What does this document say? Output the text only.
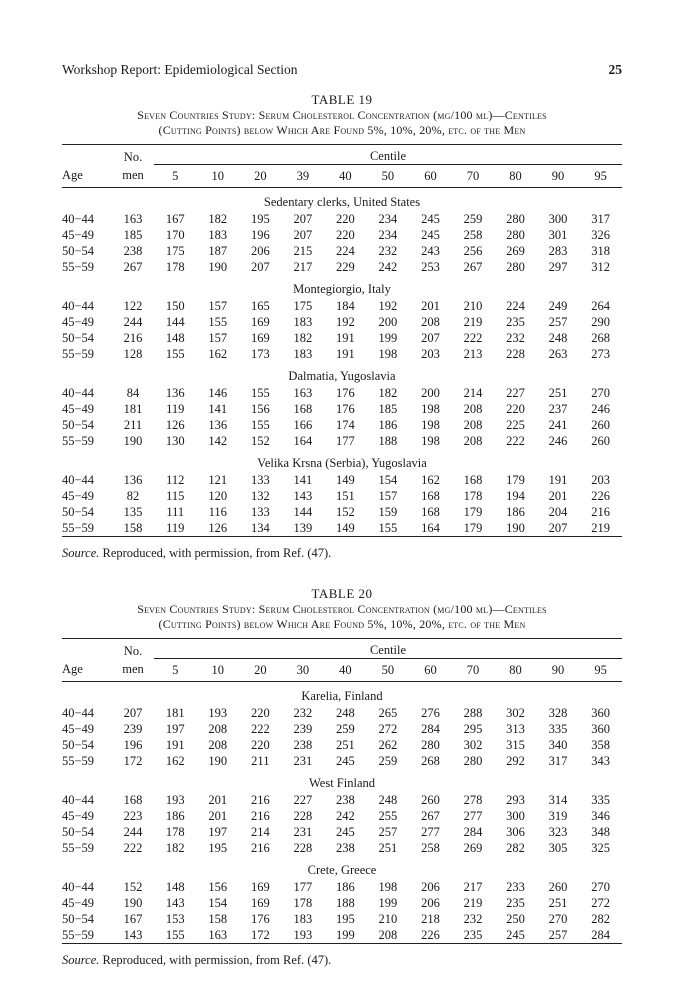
Workshop Report: Epidemiological Section	25
TABLE 19
Seven Countries Study: Serum Cholesterol Concentration (mg/100 ml)—Centiles
(Cutting Points) below Which Are Found 5%, 10%, 20%, etc. of the Men
	No.	Centile										
Age	men	5	10	20	39	40	50	60	70	80	90	95
Sedentary clerks, United States												
40−44	163	167	182	195	207	220	234	245	259	280	300	317
45−49	185	170	183	196	207	220	234	245	258	280	301	326
50−54	238	175	187	206	215	224	232	243	256	269	283	318
55−59	267	178	190	207	217	229	242	253	267	280	297	312
Montegiorgio, Italy												
40−44	122	150	157	165	175	184	192	201	210	224	249	264
45−49	244	144	155	169	183	192	200	208	219	235	257	290
50−54	216	148	157	169	182	191	199	207	222	232	248	268
55−59	128	155	162	173	183	191	198	203	213	228	263	273
Dalmatia, Yugoslavia												
40−44	84	136	146	155	163	176	182	200	214	227	251	270
45−49	181	119	141	156	168	176	185	198	208	220	237	246
50−54	211	126	136	155	166	174	186	198	208	225	241	260
55−59	190	130	142	152	164	177	188	198	208	222	246	260
Velika Krsna (Serbia), Yugoslavia												
40−44	136	112	121	133	141	149	154	162	168	179	191	203
45−49	82	115	120	132	143	151	157	168	178	194	201	226
50−54	135	111	116	133	144	152	159	168	179	186	204	216
55−59	158	119	126	134	139	149	155	164	179	190	207	219
Source. Reproduced, with permission, from Ref. (47).
TABLE 20
Seven Countries Study: Serum Cholesterol Concentration (mg/100 ml)—Centiles
(Cutting Points) below Which Are Found 5%, 10%, 20%, etc. of the Men
	No.	Centile										
Age	men	5	10	20	30	40	50	60	70	80	90	95
Karelia, Finland												
40−44	207	181	193	220	232	248	265	276	288	302	328	360
45−49	239	197	208	222	239	259	272	284	295	313	335	360
50−54	196	191	208	220	238	251	262	280	302	315	340	358
55−59	172	162	190	211	231	245	259	268	280	292	317	343
West Finland												
40−44	168	193	201	216	227	238	248	260	278	293	314	335
45−49	223	186	201	216	228	242	255	267	277	300	319	346
50−54	244	178	197	214	231	245	257	277	284	306	323	348
55−59	222	182	195	216	228	238	251	258	269	282	305	325
Crete, Greece												
40−44	152	148	156	169	177	186	198	206	217	233	260	270
45−49	190	143	154	169	178	188	199	206	219	235	251	272
50−54	167	153	158	176	183	195	210	218	232	250	270	282
55−59	143	155	163	172	193	199	208	226	235	245	257	284
Source. Reproduced, with permission, from Ref. (47).
